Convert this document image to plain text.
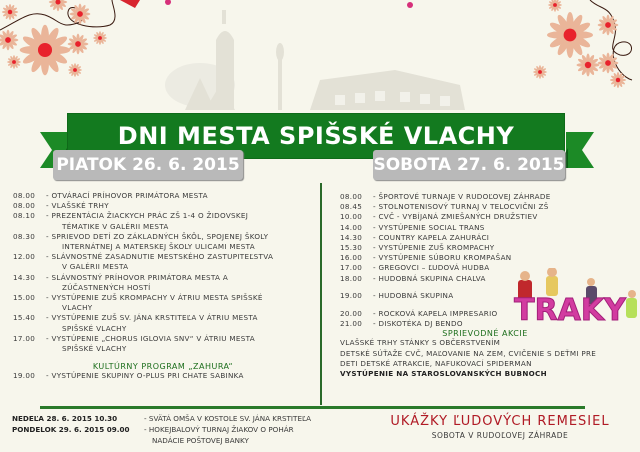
DNI MESTA SPIŠSKÉ VLACHY
PIATOK 26. 6. 2015	SOBOTA 27. 6. 2015
08.00	- OTVÁRACÍ PRÍHOVOR PRIMÁTORA MESTA
08.00	- VLAŠSKÉ TRHY
08.10	- PREZENTÁCIA ŽIACKYCH PRÁC ZŠ 1-4 O ŽIDOVSKEJ
TÉMATIKE V GALÉRII MESTA
08.30	- SPRIEVOD DETÍ ZO ZÁKLADNÝCH ŠKÔL, SPOJENEJ ŠKOLY
INTERNÁTNEJ A MATERSKEJ ŠKOLY ULICAMI MESTA
12.00	- SLÁVNOSTNÉ ZASADNUTIE MESTSKÉHO ZASTUPITEĽSTVA
V GALÉRII MESTA
14.30	- SLÁVNOSTNÝ PRÍHOVOR PRIMÁTORA MESTA A
ZÚČASTNENÝCH HOSTÍ
15.00	- VYSTÚPENIE ZUŠ KROMPACHY V ÁTRIU MESTA SPIŠSKÉ
VLACHY
15.40	- VYSTÚPENIE ZUŠ SV. JÁNA KRSTITEĽA V ÁTRIU MESTA
SPIŠSKÉ VLACHY
17.00	- VYSTÚPENIE „CHORUS IGLOVIA SNV“ V ÁTRIU MESTA
SPIŠSKÉ VLACHY
KULTÚRNY PROGRAM „ZAHURA“
19.00	- VYSTÚPENIE SKUPINY O-PLUS PRI CHATE SABINKA
08.00	- ŠPORTOVÉ TURNAJE V RUDOĽOVEJ ZÁHRADE
08.45	- STOLNOTENISOVÝ TURNAJ V TELOCVIČNI ZŠ
10.00	- CVČ - VYBÍJANÁ ZMIEŠANÝCH DRUŽSTIEV
14.00	- VYSTÚPENIE SOCIAL TRANS
14.30	- COUNTRY KAPELA ZAHURÁCI
15.30	- VYSTÚPENIE ZUŠ KROMPACHY
16.00	- VYSTÚPENIE SÚBORU KROMPAŠAN
17.00	- GREGOVCI – ĽUDOVÁ HUDBA
18.00	- HUDOBNÁ SKUPINA CHALVA
19.00	- HUDOBNÁ SKUPINA
20.00	- ROCKOVÁ KAPELA IMPRESARIO
21.00	- DISKOTÉKA DJ BENDO
SPRIEVODNÉ AKCIE
VLAŠSKÉ TRHY STÁNKY S OBČERSTVENÍM
DETSKÉ SÚŤAŽE CVČ, MAĽOVANIE NA ZEM, CVIČENIE S DEŤMI PRE
DETI DETSKÉ ATRAKCIE, NAFUKOVACÍ SPIDERMAN
VYSTÚPENIE NA STAROSLOVANSKÝCH BUBNOCH
TRAKY
NEDEĽA 28. 6. 2015 10.30	- SVÄTÁ OMŠA V KOSTOLE SV. JÁNA KRSTITEĽA
PONDELOK 29. 6. 2015 09.00	- HOKEJBALOVÝ TURNAJ ŽIAKOV O POHÁR
NADÁCIE POŠTOVEJ BANKY
UKÁŽKY ĽUDOVÝCH REMESIEL
SOBOTA V RUDOĽOVEJ ZÁHRADE
